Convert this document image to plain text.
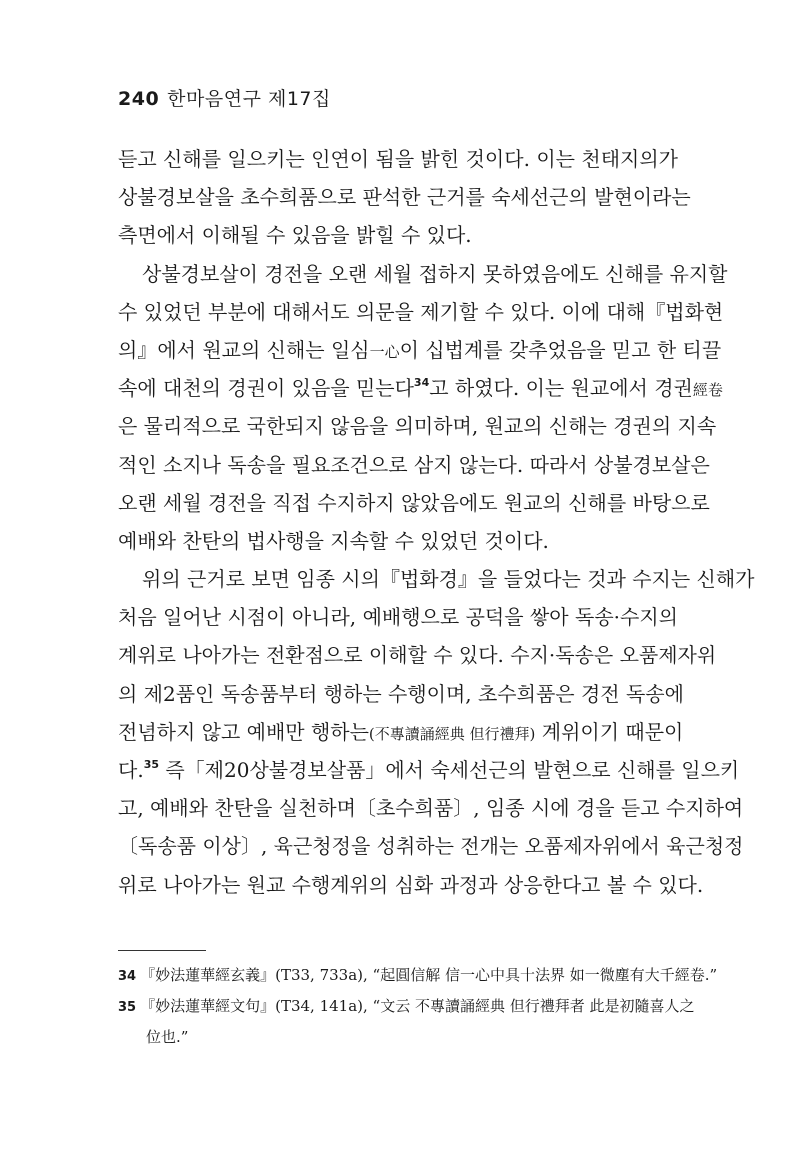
240 한마음연구 제17집
듣고 신해를 일으키는 인연이 됨을 밝힌 것이다. 이는 천태지의가
상불경보살을 초수희품으로 판석한 근거를 숙세선근의 발현이라는
측면에서 이해될 수 있음을 밝힐 수 있다.
상불경보살이 경전을 오랜 세월 접하지 못하였음에도 신해를 유지할
수 있었던 부분에 대해서도 의문을 제기할 수 있다. 이에 대해『법화현
의』에서 원교의 신해는 일심一心이 십법계를 갖추었음을 믿고 한 티끌
속에 대천의 경권이 있음을 믿는다$^{34}$고 하였다. 이는 원교에서 경권經卷
은 물리적으로 국한되지 않음을 의미하며, 원교의 신해는 경권의 지속
적인 소지나 독송을 필요조건으로 삼지 않는다. 따라서 상불경보살은
오랜 세월 경전을 직접 수지하지 않았음에도 원교의 신해를 바탕으로
예배와 찬탄의 법사행을 지속할 수 있었던 것이다.
위의 근거로 보면 임종 시의『법화경』을 들었다는 것과 수지는 신해가
처음 일어난 시점이 아니라, 예배행으로 공덕을 쌓아 독송·수지의
계위로 나아가는 전환점으로 이해할 수 있다. 수지·독송은 오품제자위
의 제2품인 독송품부터 행하는 수행이며, 초수희품은 경전 독송에
전념하지 않고 예배만 행하는(不專讀誦經典 但行禮拜) 계위이기 때문이
다.$^{35}$ 즉「제20상불경보살품」에서 숙세선근의 발현으로 신해를 일으키
고, 예배와 찬탄을 실천하며〔초수희품〕, 임종 시에 경을 듣고 수지하여
〔독송품 이상〕, 육근청정을 성취하는 전개는 오품제자위에서 육근청정
위로 나아가는 원교 수행계위의 심화 과정과 상응한다고 볼 수 있다.
34 『妙法蓮華經玄義』(T33, 733a), “起圓信解 信一心中具十法界 如一微塵有大千經卷.”
35 『妙法蓮華經文句』(T34, 141a), “文云 不專讀誦經典 但行禮拜者 此是初隨喜人之
位也.”
